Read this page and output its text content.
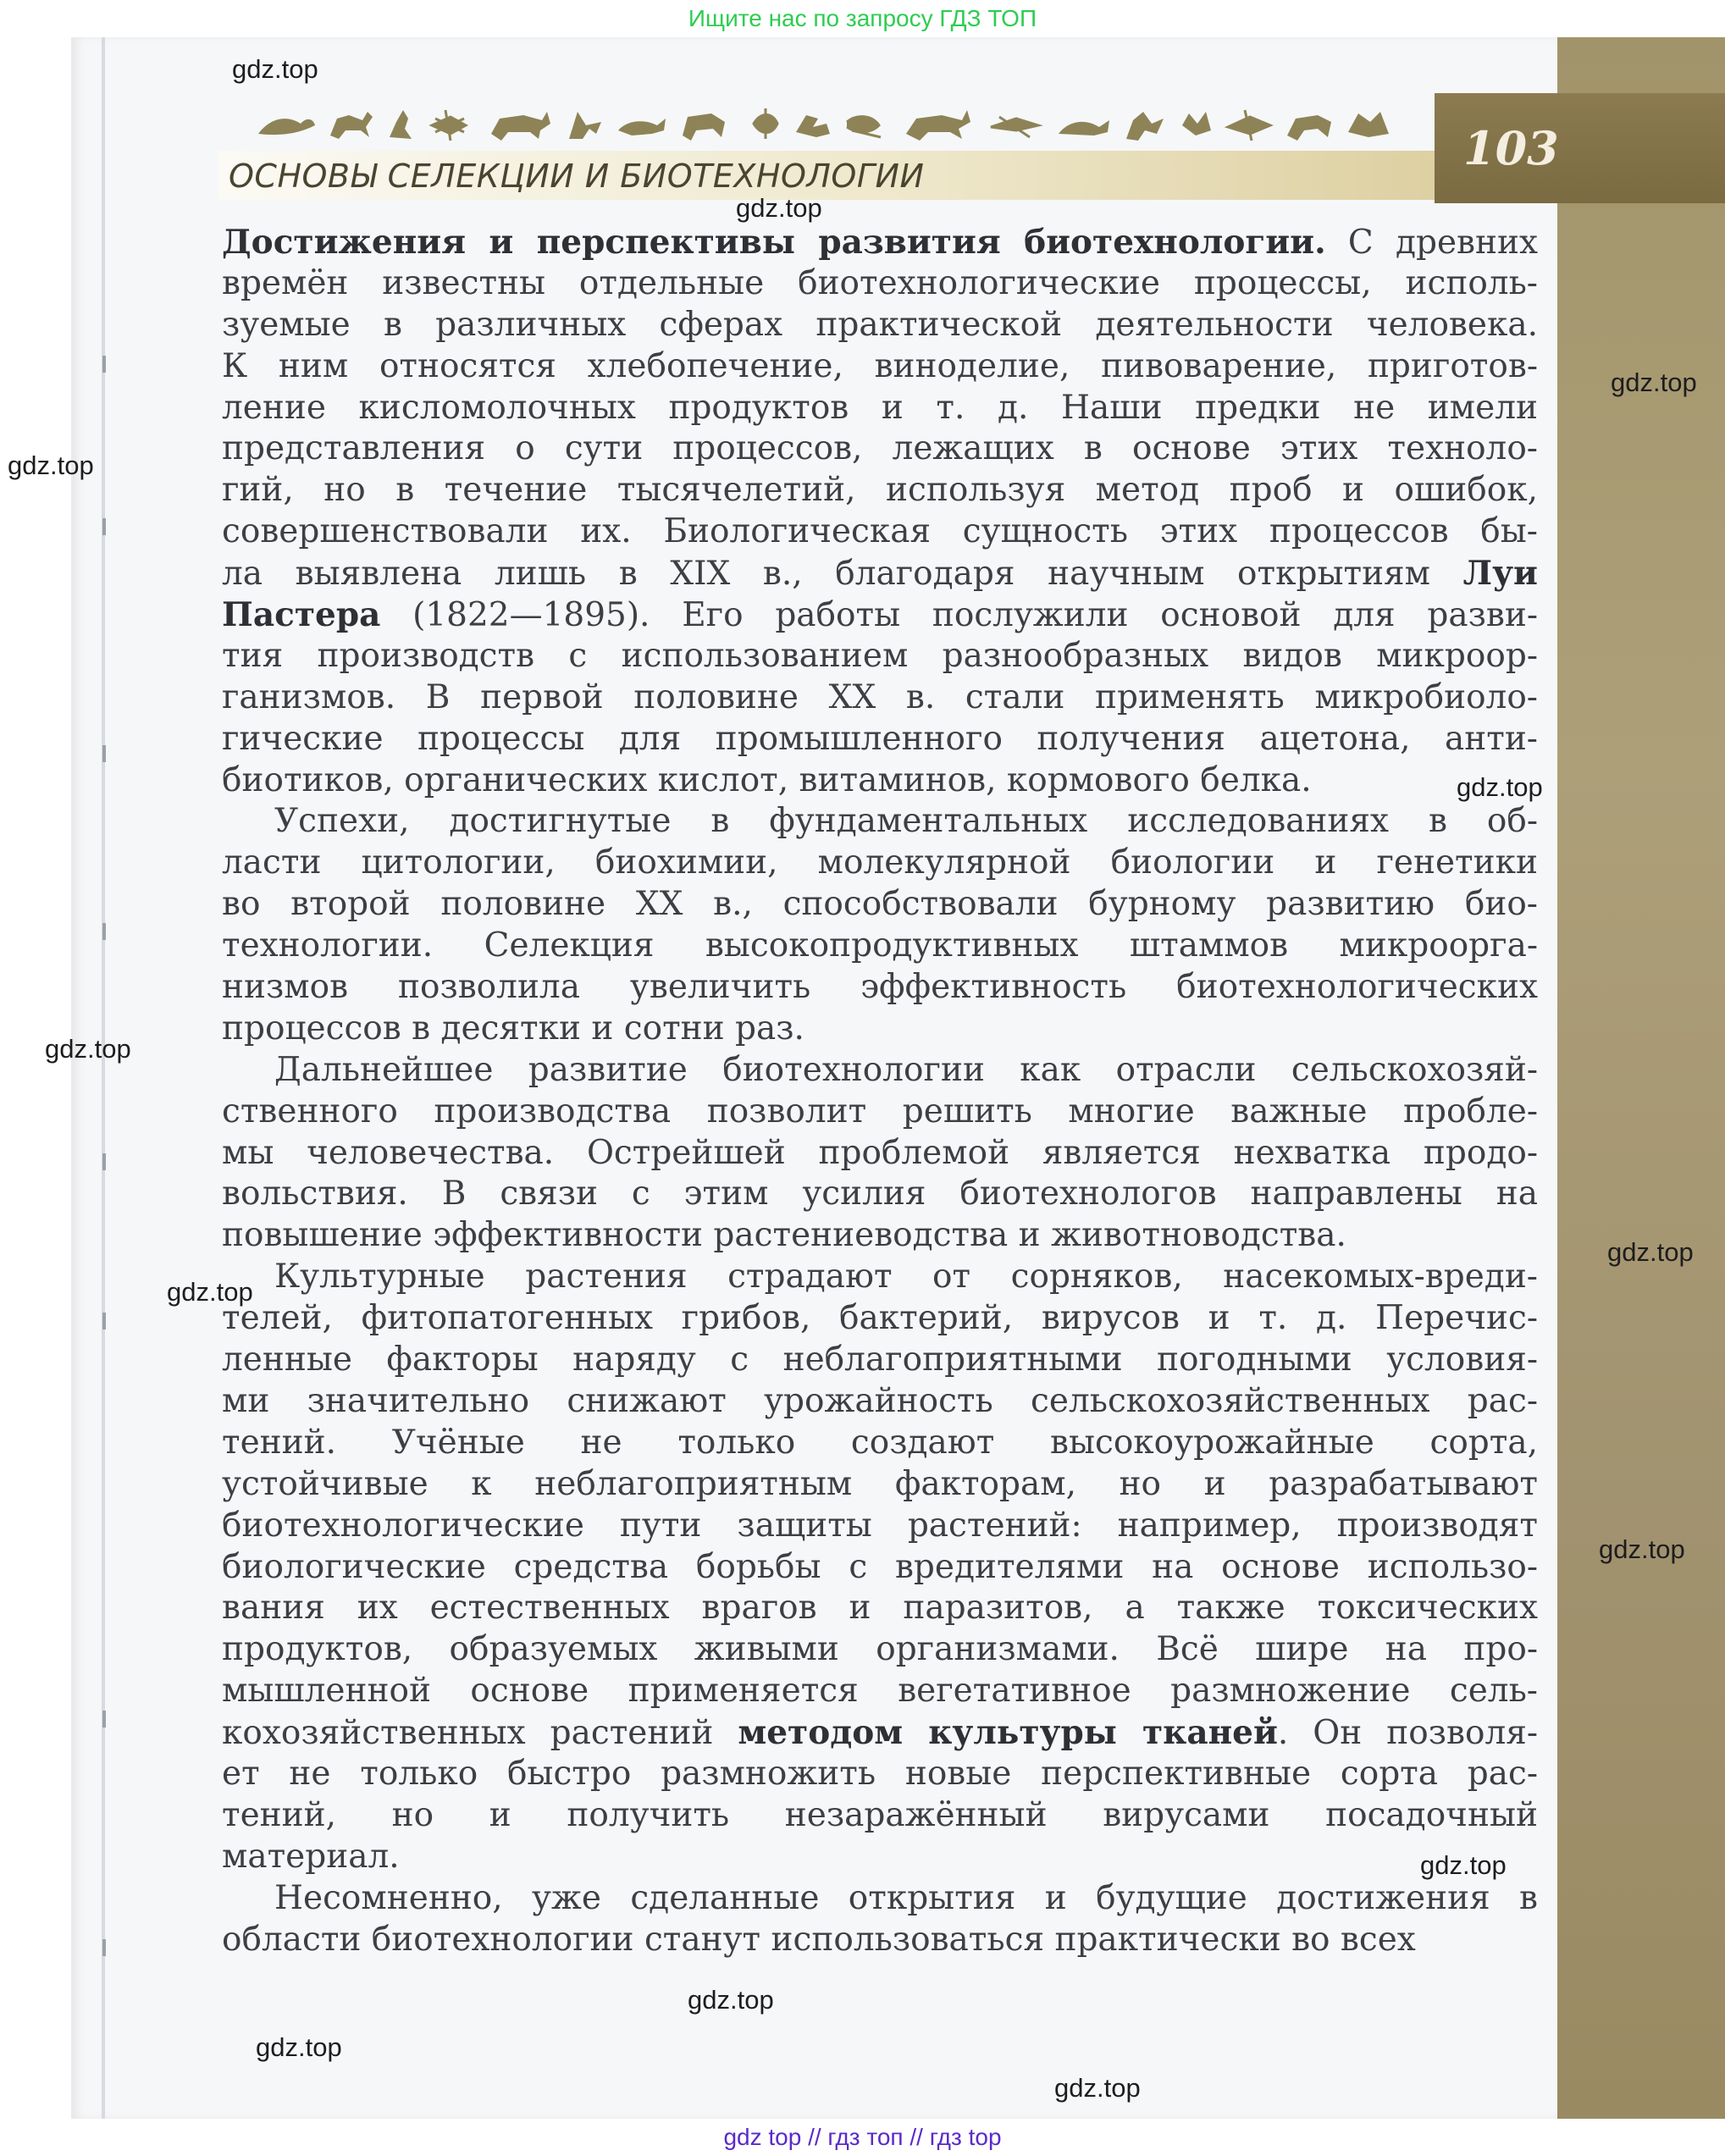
Ищите нас по запросу ГДЗ ТОП
103
ОСНОВЫ СЕЛЕКЦИИ И БИОТЕХНОЛОГИИ
Достижения и перспективы развития биотехнологии. С древних
времён известны отдельные биотехнологические процессы, исполь-
зуемые в различных сферах практической деятельности человека.
К ним относятся хлебопечение, виноделие, пивоварение, приготов-
ление кисломолочных продуктов и т. д. Наши предки не имели
представления о сути процессов, лежащих в основе этих техноло-
гий, но в течение тысячелетий, используя метод проб и ошибок,
совершенствовали их. Биологическая сущность этих процессов бы-
ла выявлена лишь в XIX в., благодаря научным открытиям Луи
Пастера (1822—1895). Его работы послужили основой для разви-
тия производств с использованием разнообразных видов микроор-
ганизмов. В первой половине XX в. стали применять микробиоло-
гические процессы для промышленного получения ацетона, анти-
биотиков, органических кислот, витаминов, кормового белка.
Успехи, достигнутые в фундаментальных исследованиях в об-
ласти цитологии, биохимии, молекулярной биологии и генетики
во второй половине XX в., способствовали бурному развитию био-
технологии. Селекция высокопродуктивных штаммов микроорга-
низмов позволила увеличить эффективность биотехнологических
процессов в десятки и сотни раз.
Дальнейшее развитие биотехнологии как отрасли сельскохозяй-
ственного производства позволит решить многие важные пробле-
мы человечества. Острейшей проблемой является нехватка продо-
вольствия. В связи с этим усилия биотехнологов направлены на
повышение эффективности растениеводства и животноводства.
Культурные растения страдают от сорняков, насекомых-вреди-
телей, фитопатогенных грибов, бактерий, вирусов и т. д. Перечис-
ленные факторы наряду с неблагоприятными погодными условия-
ми значительно снижают урожайность сельскохозяйственных рас-
тений. Учёные не только создают высокоурожайные сорта,
устойчивые к неблагоприятным факторам, но и разрабатывают
биотехнологические пути защиты растений: например, производят
биологические средства борьбы с вредителями на основе использо-
вания их естественных врагов и паразитов, а также токсических
продуктов, образуемых живыми организмами. Всё шире на про-
мышленной основе применяется вегетативное размножение сель-
кохозяйственных растений методом культуры тканей. Он позволя-
ет не только быстро размножить новые перспективные сорта рас-
тений, но и получить незаражённый вирусами посадочный
материал.
Несомненно, уже сделанные открытия и будущие достижения в
области биотехнологии станут использоваться практически во всех
gdz.top
gdz.top
gdz.top
gdz.top
gdz.top
gdz.top
gdz.top
gdz.top
gdz.top
gdz.top
gdz.top
gdz.top
gdz.top
gdz top // гдз топ // гдз top
